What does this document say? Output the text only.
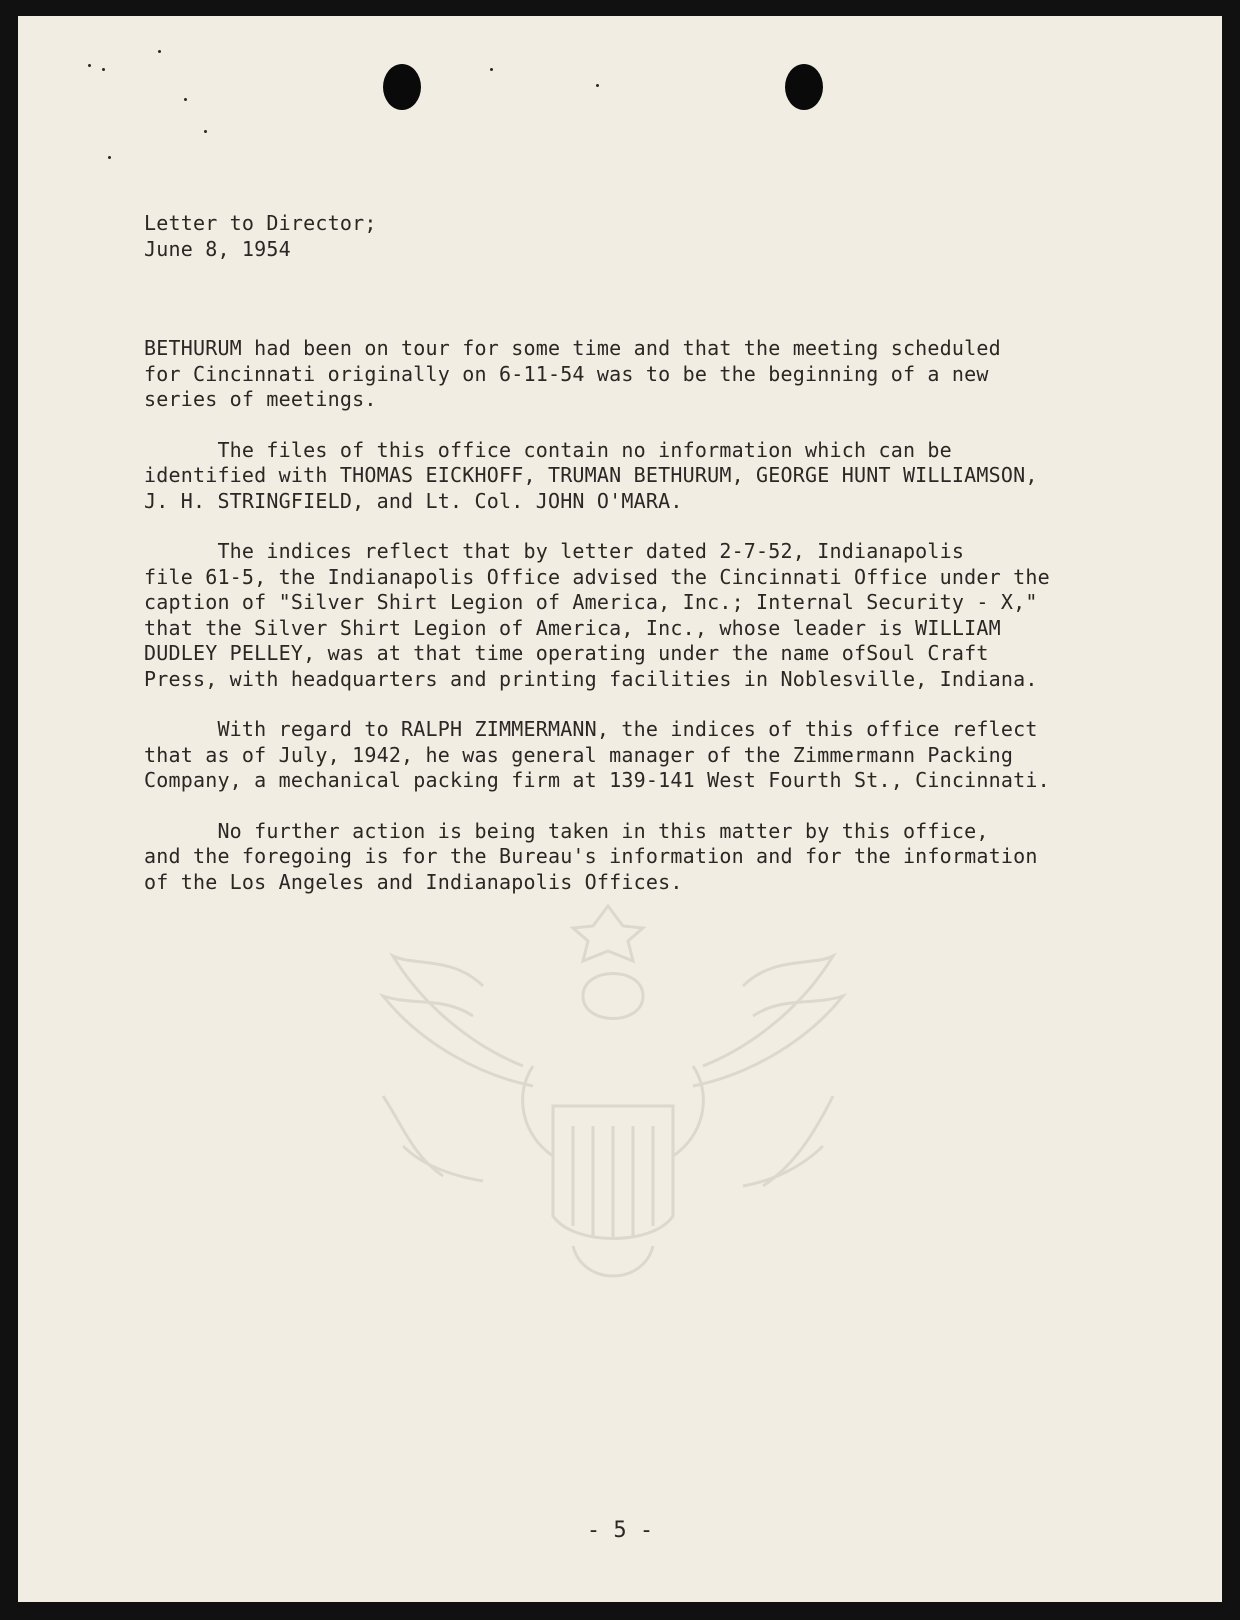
Letter to Director;
June 8, 1954
BETHURUM had been on tour for some time and that the meeting scheduled
for Cincinnati originally on 6-11-54 was to be the beginning of a new
series of meetings.
The files of this office contain no information which can be
identified with THOMAS EICKHOFF, TRUMAN BETHURUM, GEORGE HUNT WILLIAMSON,
J. H. STRINGFIELD, and Lt. Col. JOHN O'MARA.
The indices reflect that by letter dated 2-7-52, Indianapolis
file 61-5, the Indianapolis Office advised the Cincinnati Office under the
caption of "Silver Shirt Legion of America, Inc.; Internal Security - X,"
that the Silver Shirt Legion of America, Inc., whose leader is WILLIAM
DUDLEY PELLEY, was at that time operating under the name ofSoul Craft
Press, with headquarters and printing facilities in Noblesville, Indiana.
With regard to RALPH ZIMMERMANN, the indices of this office reflect
that as of July, 1942, he was general manager of the Zimmermann Packing
Company, a mechanical packing firm at 139-141 West Fourth St., Cincinnati.
No further action is being taken in this matter by this office,
and the foregoing is for the Bureau's information and for the information
of the Los Angeles and Indianapolis Offices.
- 5 -
